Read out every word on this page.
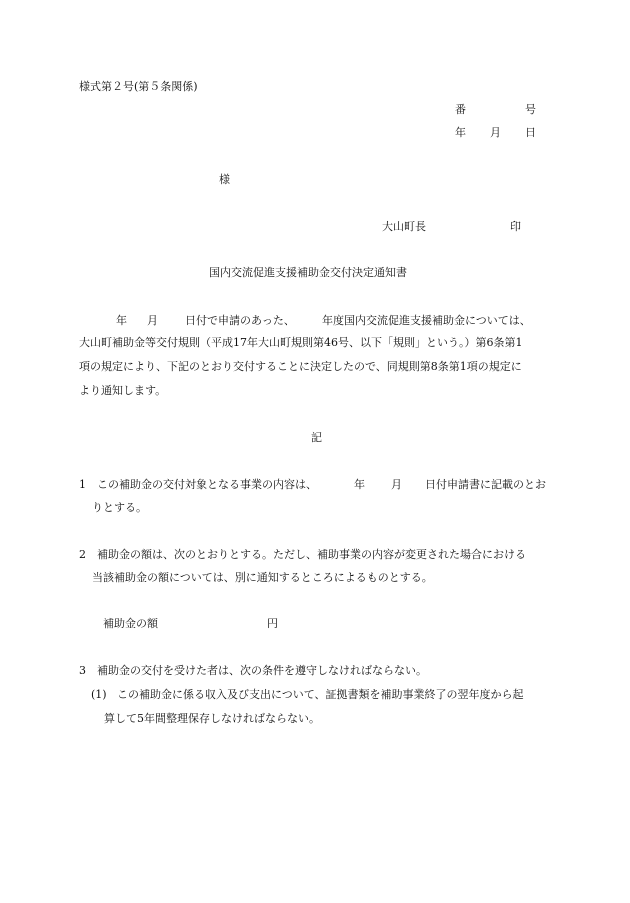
様式第２号(第５条関係)
番	号
年 月 日
様
大山町長	印
国内交流促進支援補助金交付決定通知書
年 月 日付で申請のあった、 年度国内交流促進支援補助金については、
大山町補助金等交付規則（平成17年大山町規則第46号、以下「規則」という。）第6条第1
項の規定により、下記のとおり交付することに決定したので、同規則第8条第1項の規定に
より通知します。
記
1 この補助金の交付対象となる事業の内容は、	年 月 日付申請書に記載のとお
りとする。
2 補助金の額は、次のとおりとする。ただし、補助事業の内容が変更された場合における
当該補助金の額については、別に通知するところによるものとする。
補助金の額	円
3 補助金の交付を受けた者は、次の条件を遵守しなければならない。
(1) この補助金に係る収入及び支出について、証拠書類を補助事業終了の翌年度から起
算して5年間整理保存しなければならない。
